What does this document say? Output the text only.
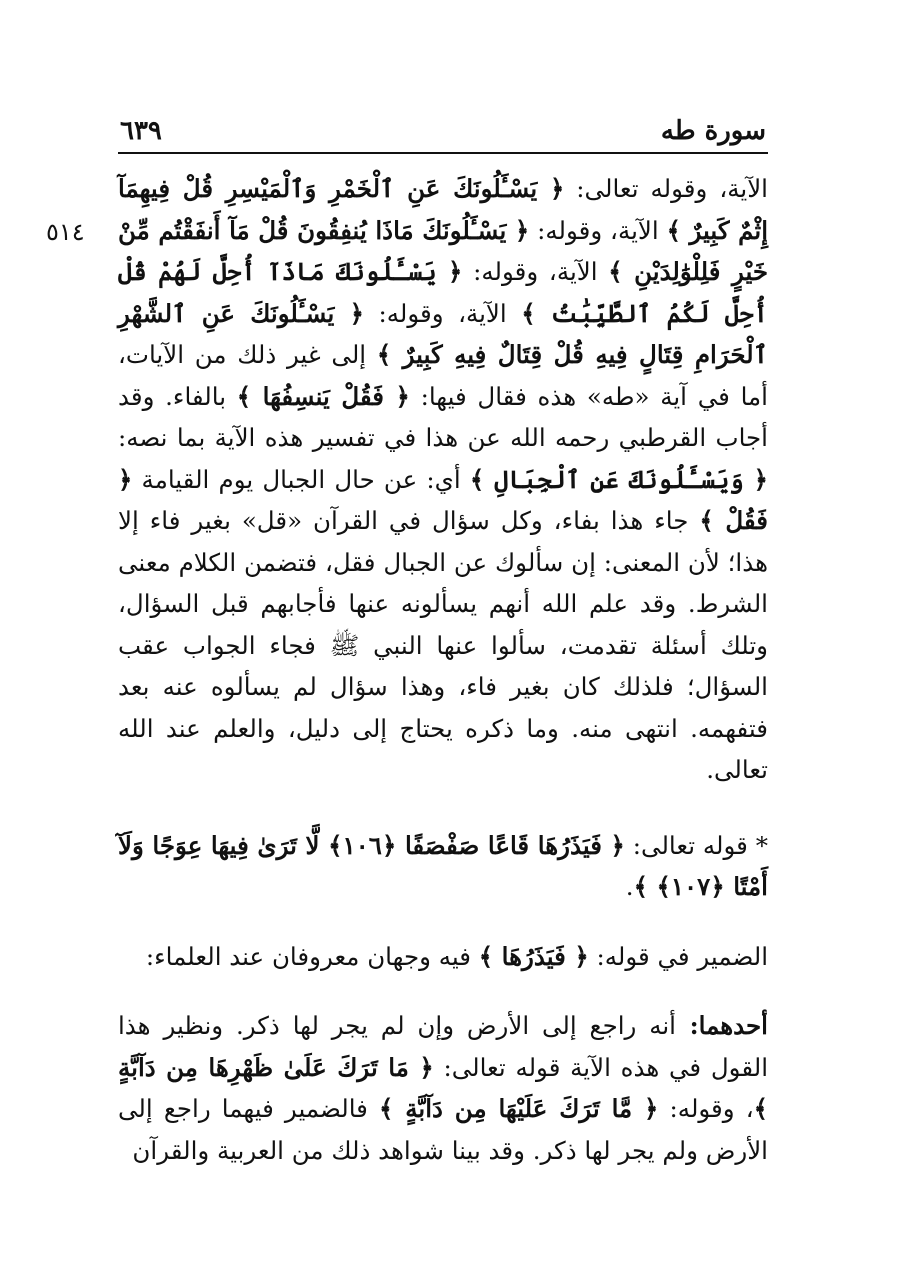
سورة طه
٦٣٩
٥١٤

الآية، وقوله تعالى: ﴿ يَسْـَٔلُونَكَ عَنِ ٱلْخَمْرِ وَٱلْمَيْسِرِ قُلْ فِيهِمَآ إِثْمٌ كَبِيرٌ ﴾ الآية، وقوله: ﴿ يَسْـَٔلُونَكَ مَاذَا يُنفِقُونَ قُلْ مَآ أَنفَقْتُم مِّنْ خَيْرٍ فَلِلْوَٰلِدَيْنِ ﴾ الآية، وقوله: ﴿ يَسْـَٔلُونَكَ مَاذَآ أُحِلَّ لَهُمْ قُلْ أُحِلَّ لَكُمُ ٱلطَّيِّبَٰتُ ﴾ الآية، وقوله: ﴿ يَسْـَٔلُونَكَ عَنِ ٱلشَّهْرِ ٱلْحَرَامِ قِتَالٍ فِيهِ قُلْ قِتَالٌ فِيهِ كَبِيرٌ ﴾ إلى غير ذلك من الآيات، أما في آية «طه» هذه فقال فيها: ﴿ فَقُلْ يَنسِفُهَا ﴾ بالفاء. وقد أجاب القرطبي رحمه الله عن هذا في تفسير هذه الآية بما نصه: ﴿ وَيَسْـَٔلُونَكَ عَنِ ٱلْجِبَالِ ﴾ أي: عن حال الجبال يوم القيامة ﴿ فَقُلْ ﴾ جاء هذا بفاء، وكل سؤال في القرآن «قل» بغير فاء إلا هذا؛ لأن المعنى: إن سألوك عن الجبال فقل، فتضمن الكلام معنى الشرط. وقد علم الله أنهم يسألونه عنها فأجابهم قبل السؤال، وتلك أسئلة تقدمت، سألوا عنها النبي ﷺ فجاء الجواب عقب السؤال؛ فلذلك كان بغير فاء، وهذا سؤال لم يسألوه عنه بعد فتفهمه. انتهى منه. وما ذكره يحتاج إلى دليل، والعلم عند الله تعالى.

* قوله تعالى: ﴿ فَيَذَرُهَا قَاعًا صَفْصَفًا ﴿١٠٦﴾ لَّا تَرَىٰ فِيهَا عِوَجًا وَلَآ أَمْتًا ﴿١٠٧﴾ ﴾.

الضمير في قوله: ﴿ فَيَذَرُهَا ﴾ فيه وجهان معروفان عند العلماء:

أحدهما: أنه راجع إلى الأرض وإن لم يجر لها ذكر. ونظير هذا القول في هذه الآية قوله تعالى: ﴿ مَا تَرَكَ عَلَىٰ ظَهْرِهَا مِن دَآبَّةٍ ﴾، وقوله: ﴿ مَّا تَرَكَ عَلَيْهَا مِن دَآبَّةٍ ﴾ فالضمير فيهما راجع إلى الأرض ولم يجر لها ذكر. وقد بينا شواهد ذلك من العربية والقرآن
